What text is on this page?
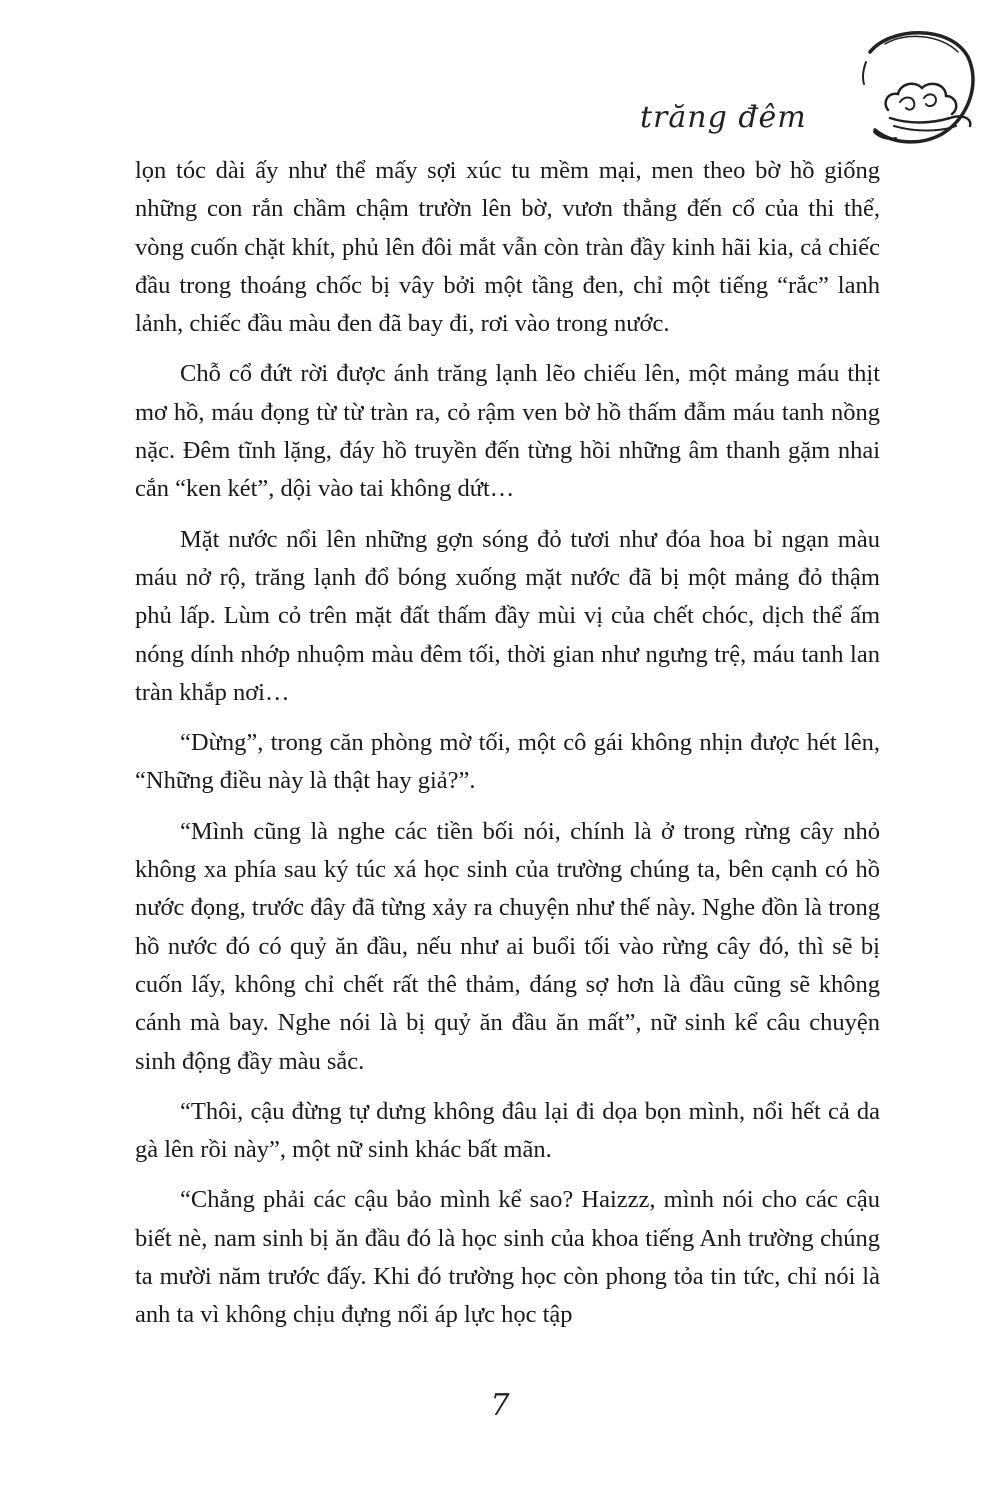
trăng đêm

lọn tóc dài ấy như thể mấy sợi xúc tu mềm mại, men theo bờ hồ giống những con rắn chầm chậm trườn lên bờ, vươn thẳng đến cổ của thi thể, vòng cuốn chặt khít, phủ lên đôi mắt vẫn còn tràn đầy kinh hãi kia, cả chiếc đầu trong thoáng chốc bị vây bởi một tầng đen, chỉ một tiếng “rắc” lanh lảnh, chiếc đầu màu đen đã bay đi, rơi vào trong nước.

Chỗ cổ đứt rời được ánh trăng lạnh lẽo chiếu lên, một mảng máu thịt mơ hồ, máu đọng từ từ tràn ra, cỏ rậm ven bờ hồ thấm đẫm máu tanh nồng nặc. Đêm tĩnh lặng, đáy hồ truyền đến từng hồi những âm thanh gặm nhai cắn “ken két”, dội vào tai không dứt…

Mặt nước nổi lên những gợn sóng đỏ tươi như đóa hoa bỉ ngạn màu máu nở rộ, trăng lạnh đổ bóng xuống mặt nước đã bị một mảng đỏ thậm phủ lấp. Lùm cỏ trên mặt đất thấm đầy mùi vị của chết chóc, dịch thể ấm nóng dính nhớp nhuộm màu đêm tối, thời gian như ngưng trệ, máu tanh lan tràn khắp nơi…

“Dừng”, trong căn phòng mờ tối, một cô gái không nhịn được hét lên, “Những điều này là thật hay giả?”.

“Mình cũng là nghe các tiền bối nói, chính là ở trong rừng cây nhỏ không xa phía sau ký túc xá học sinh của trường chúng ta, bên cạnh có hồ nước đọng, trước đây đã từng xảy ra chuyện như thế này. Nghe đồn là trong hồ nước đó có quỷ ăn đầu, nếu như ai buổi tối vào rừng cây đó, thì sẽ bị cuốn lấy, không chỉ chết rất thê thảm, đáng sợ hơn là đầu cũng sẽ không cánh mà bay. Nghe nói là bị quỷ ăn đầu ăn mất”, nữ sinh kể câu chuyện sinh động đầy màu sắc.

“Thôi, cậu đừng tự dưng không đâu lại đi dọa bọn mình, nổi hết cả da gà lên rồi này”, một nữ sinh khác bất mãn.

“Chẳng phải các cậu bảo mình kể sao? Haizzz, mình nói cho các cậu biết nè, nam sinh bị ăn đầu đó là học sinh của khoa tiếng Anh trường chúng ta mười năm trước đấy. Khi đó trường học còn phong tỏa tin tức, chỉ nói là anh ta vì không chịu đựng nổi áp lực học tập

7
